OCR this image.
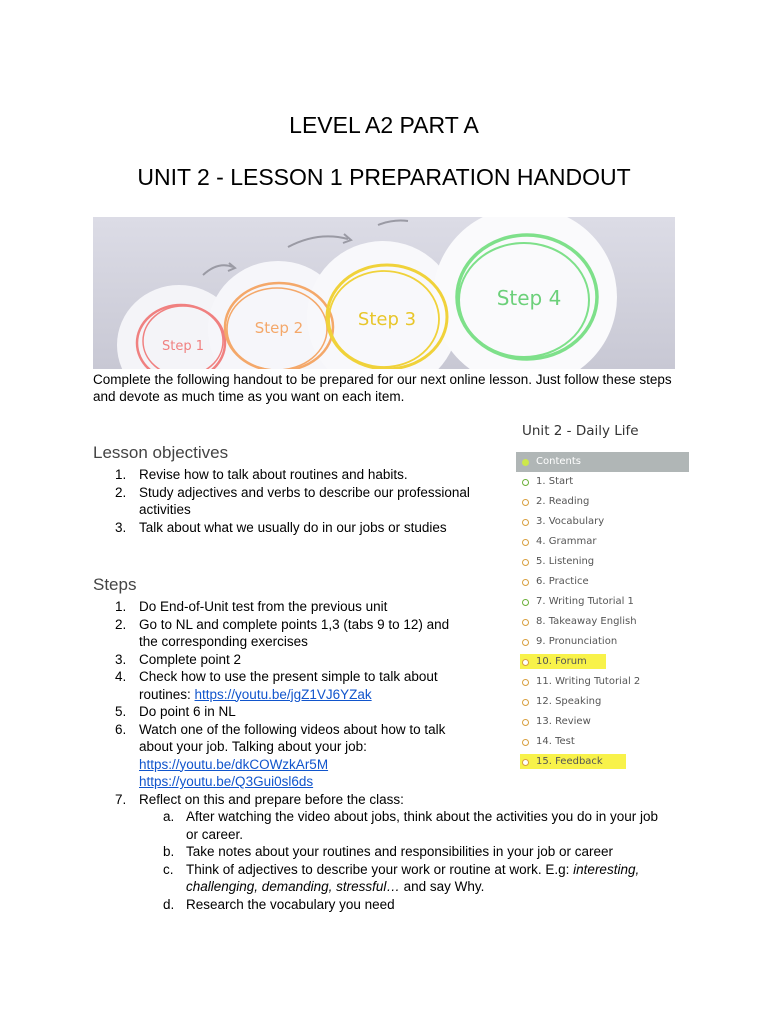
LEVEL A2 PART A
UNIT 2 - LESSON 1 PREPARATION HANDOUT
Step 1
Step 2	Step 3
Step 4

Complete the following handout to be prepared for our next online lesson. Just follow these steps and devote as much time as you want on each item.

Lesson objectives
1. Revise how to talk about routines and habits.
2. Study adjectives and verbs to describe our professional activities
3. Talk about what we usually do in our jobs or studies
Steps
1. Do End-of-Unit test from the previous unit
2. Go to NL and complete points 1,3 (tabs 9 to 12) and the corresponding exercises
3. Complete point 2
4. Check how to use the present simple to talk about routines: https://youtu.be/jgZ1VJ6YZak
5. Do point 6 in NL
6. Watch one of the following videos about how to talk about your job. Talking about your job:
https://youtu.be/dkCOWzkAr5M
https://youtu.be/Q3Gui0sl6ds
7. Reflect on this and prepare before the class:
a. After watching the video about jobs, think about the activities you do in your job or career.
b. Take notes about your routines and responsibilities in your job or career
c. Think of adjectives to describe your work or routine at work. E.g: interesting, challenging, demanding, stressful… and say Why.
d. Research the vocabulary you need
Unit 2 - Daily Life
Contents
1. Start
2. Reading
3. Vocabulary
4. Grammar
5. Listening
6. Practice
7. Writing Tutorial 1
8. Takeaway English
9. Pronunciation
10. Forum
11. Writing Tutorial 2
12. Speaking
13. Review
14. Test
15. Feedback
